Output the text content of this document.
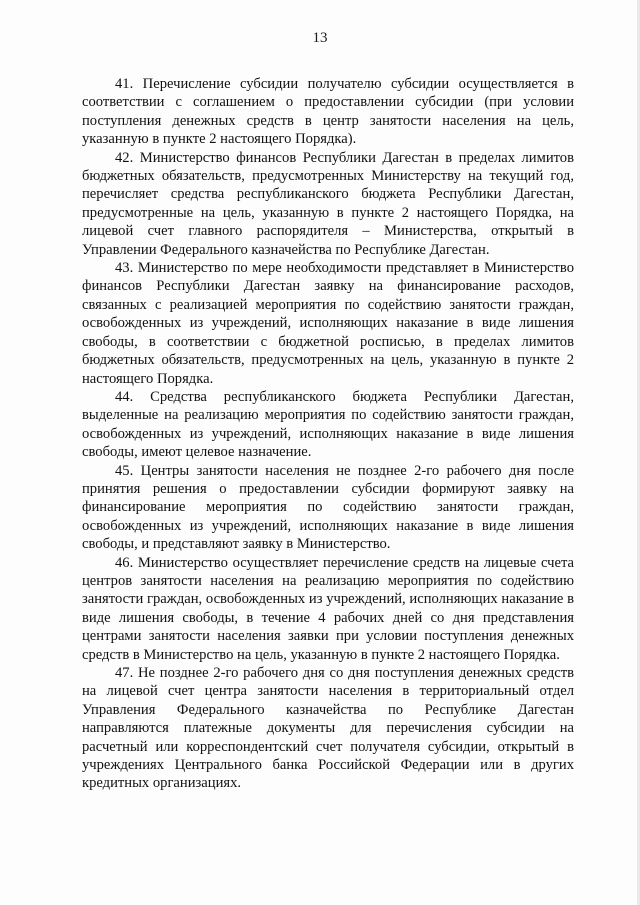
13

41. Перечисление субсидии получателю субсидии осуществляется в соответствии с соглашением о предоставлении субсидии (при условии поступления денежных средств в центр занятости населения на цель, указанную в пункте 2 настоящего Порядка).

42. Министерство финансов Республики Дагестан в пределах лимитов бюджетных обязательств, предусмотренных Министерству на текущий год, перечисляет средства республиканского бюджета Республики Дагестан, предусмотренные на цель, указанную в пункте 2 настоящего Порядка, на лицевой счет главного распорядителя – Министерства, открытый в Управлении Федерального казначейства по Республике Дагестан.

43. Министерство по мере необходимости представляет в Министерство финансов Республики Дагестан заявку на финансирование расходов, связанных с реализацией мероприятия по содействию занятости граждан, освобожденных из учреждений, исполняющих наказание в виде лишения свободы, в соответствии с бюджетной росписью, в пределах лимитов бюджетных обязательств, предусмотренных на цель, указанную в пункте 2 настоящего Порядка.

44. Средства республиканского бюджета Республики Дагестан, выделенные на реализацию мероприятия по содействию занятости граждан, освобожденных из учреждений, исполняющих наказание в виде лишения свободы, имеют целевое назначение.

45. Центры занятости населения не позднее 2-го рабочего дня после принятия решения о предоставлении субсидии формируют заявку на финансирование мероприятия по содействию занятости граждан, освобожденных из учреждений, исполняющих наказание в виде лишения свободы, и представляют заявку в Министерство.

46. Министерство осуществляет перечисление средств на лицевые счета центров занятости населения на реализацию мероприятия по содействию занятости граждан, освобожденных из учреждений, исполняющих наказание в виде лишения свободы, в течение 4 рабочих дней со дня представления центрами занятости населения заявки при условии поступления денежных средств в Министерство на цель, указанную в пункте 2 настоящего Порядка.

47. Не позднее 2-го рабочего дня со дня поступления денежных средств на лицевой счет центра занятости населения в территориальный отдел Управления Федерального казначейства по Республике Дагестан направляются платежные документы для перечисления субсидии на расчетный или корреспондентский счет получателя субсидии, открытый в учреждениях Центрального банка Российской Федерации или в других кредитных организациях.
